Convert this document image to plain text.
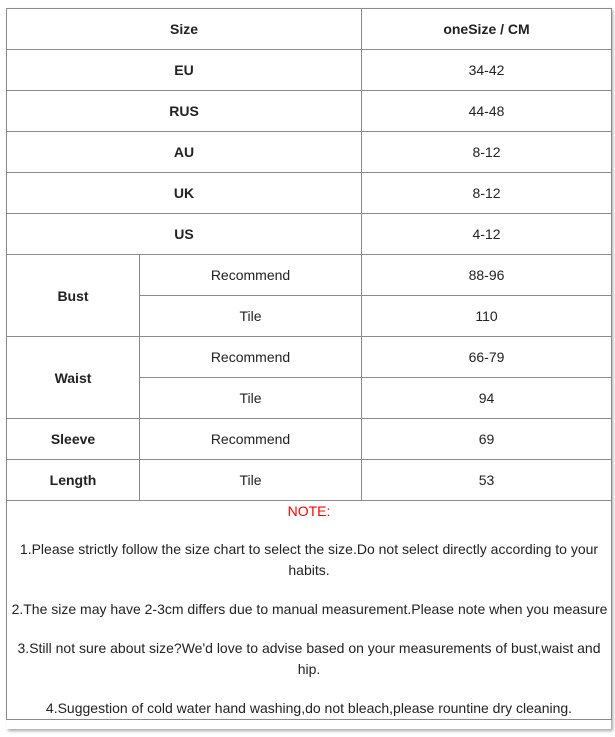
Size		oneSize / CM
EU		34-42
RUS		44-48
AU		8-12
UK		8-12
US		4-12
Bust	Recommend	88-96
	Tile	110
Waist	Recommend	66-79
	Tile	94
Sleeve	Recommend	69
Length	Tile	53

NOTE:
1.Please strictly follow the size chart to select the size.Do not select directly according to your habits.
2.The size may have 2-3cm differs due to manual measurement.Please note when you measure
3.Still not sure about size?We'd love to advise based on your measurements of bust,waist and hip.
4.Suggestion of cold water hand washing,do not bleach,please rountine dry cleaning.		
